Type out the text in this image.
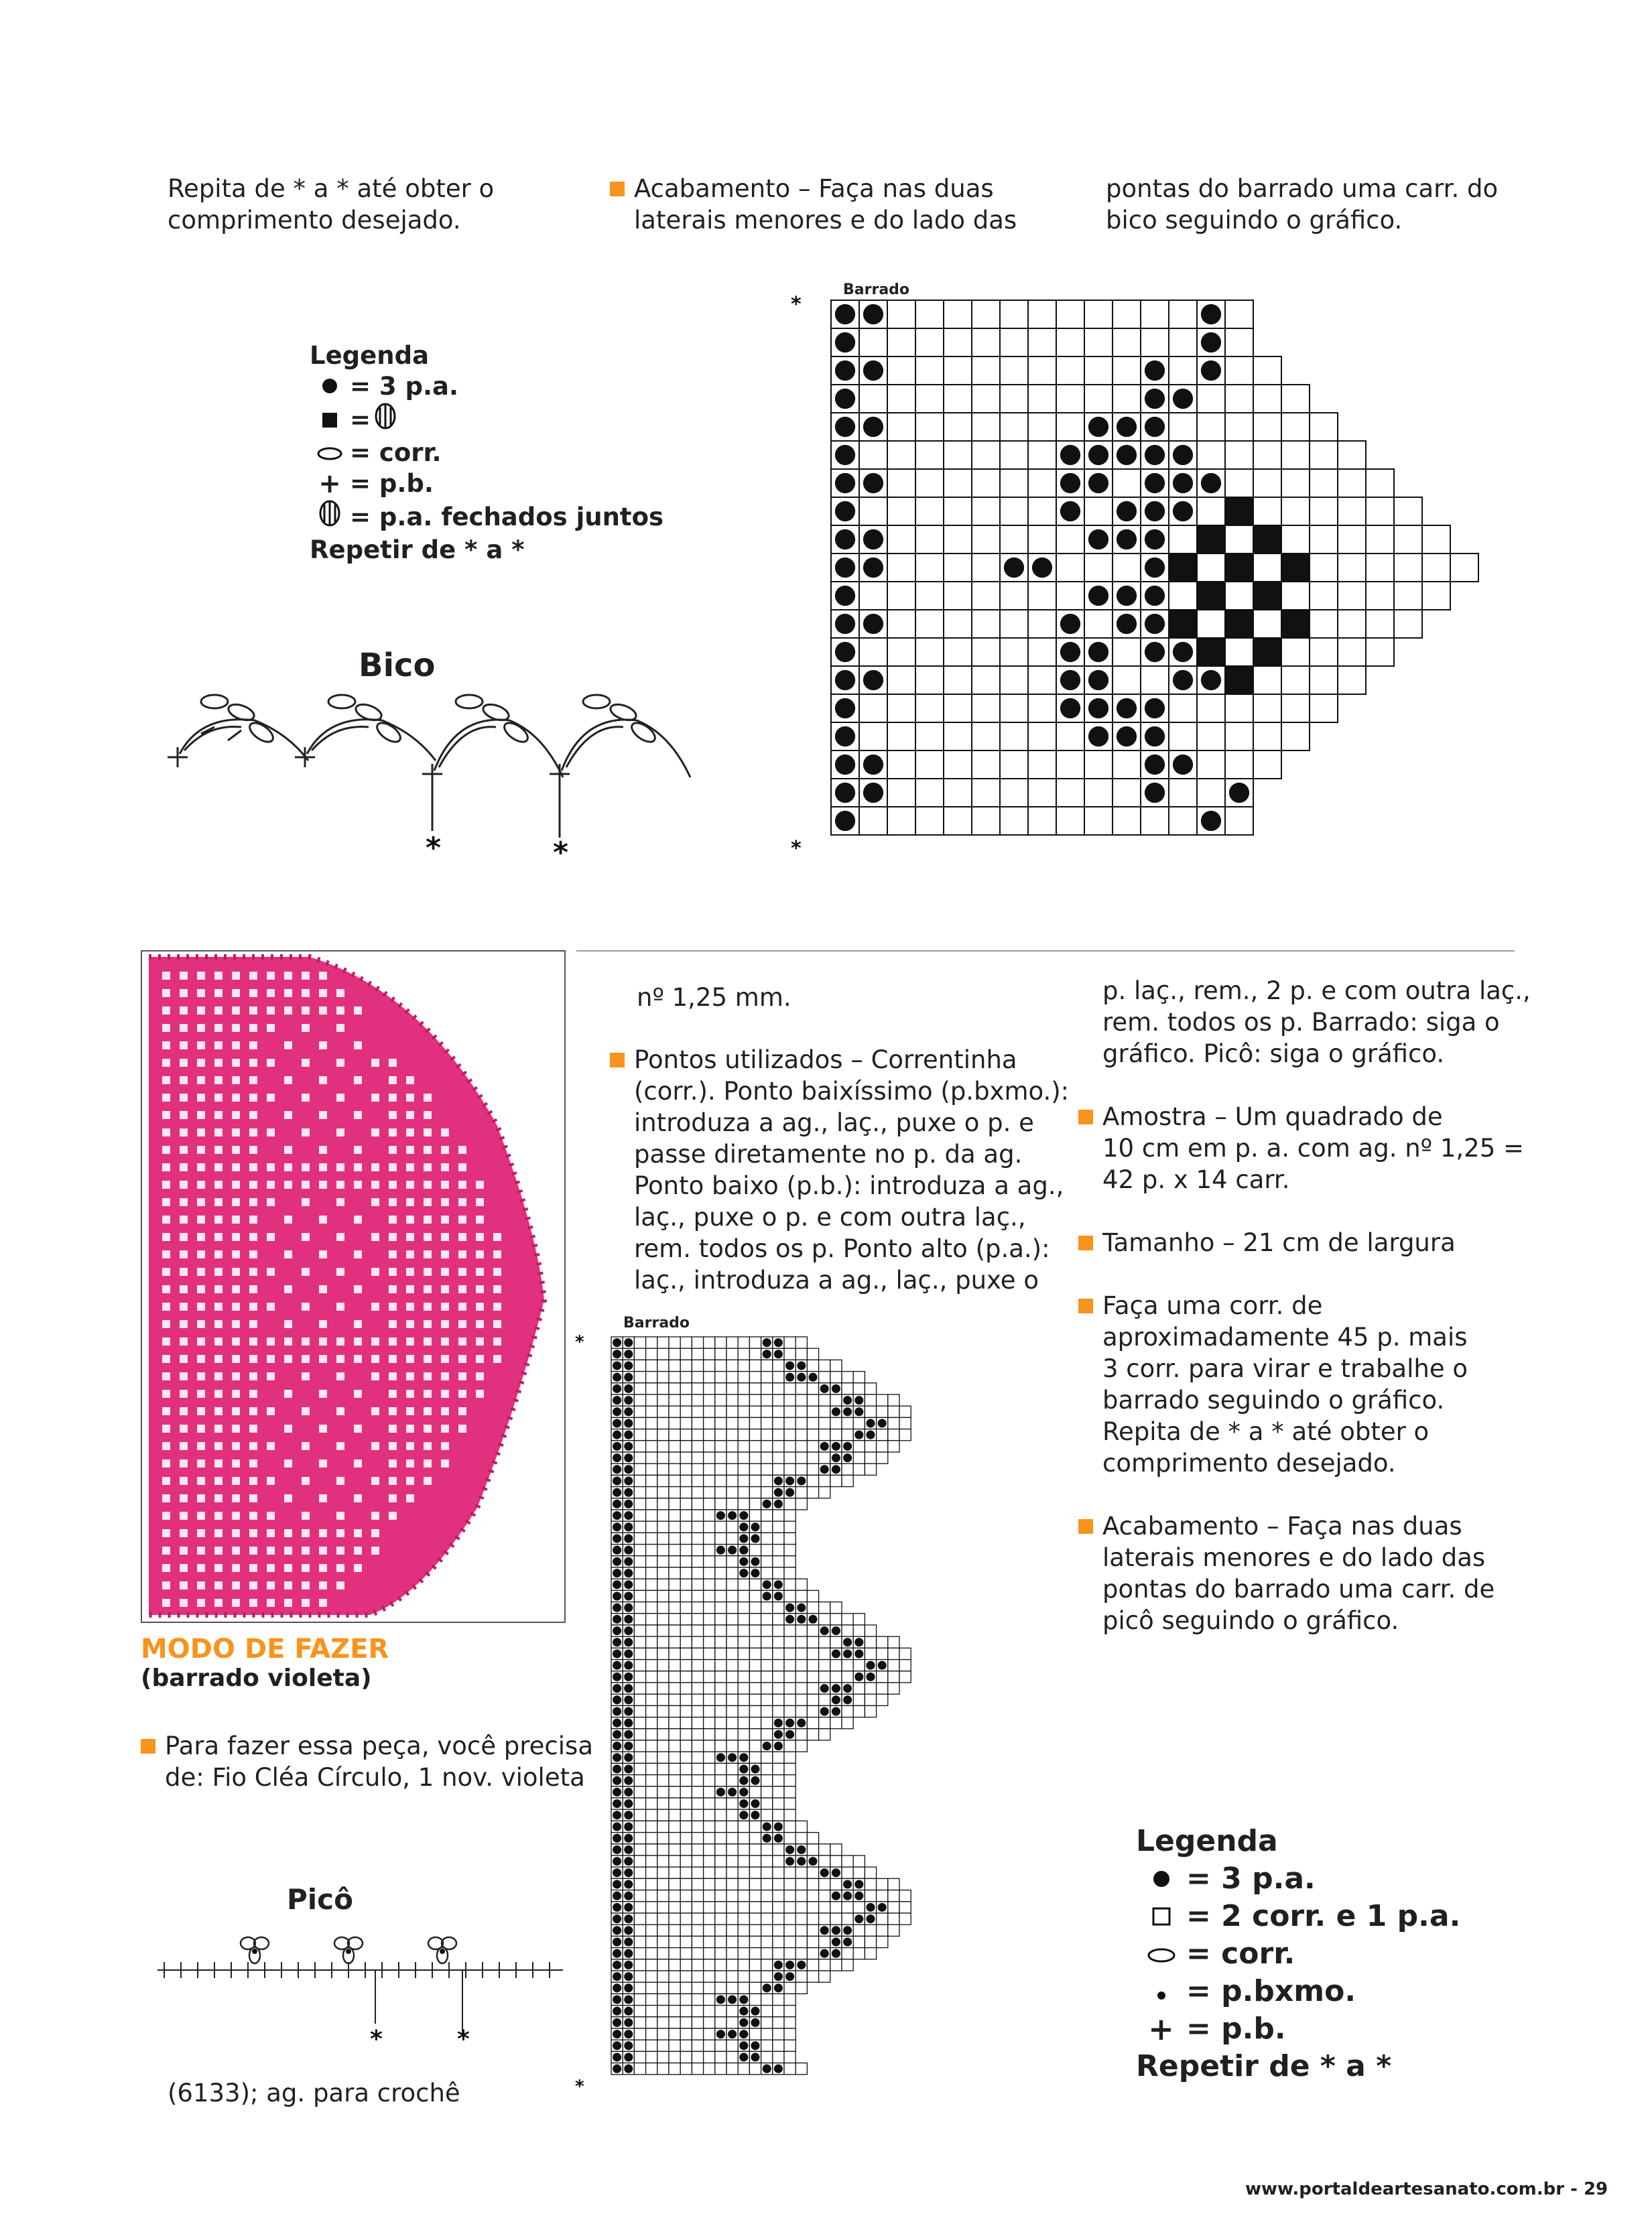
Repita de * a * até obter o
comprimento desejado.
Acabamento – Faça nas duas
laterais menores e do lado das
pontas do barrado uma carr. do
bico seguindo o gráfico.
Legenda
= 3 p.a.
=
= corr.
+ = p.b.
= p.a. fechados juntos
Repetir de * a *
Bico
*	*
Barrado
*
*
MODO DE FAZER
(barrado violeta)
Para fazer essa peça, você precisa
de: Fio Cléa Círculo, 1 nov. violeta
Picô
*	*
(6133); ag. para crochê
nº 1,25 mm.
Pontos utilizados – Correntinha
(corr.). Ponto baixíssimo (p.bxmo.):
introduza a ag., laç., puxe o p. e
passe diretamente no p. da ag.
Ponto baixo (p.b.): introduza a ag.,
laç., puxe o p. e com outra laç.,
rem. todos os p. Ponto alto (p.a.):
laç., introduza a ag., laç., puxe o
Barrado
*
*
p. laç., rem., 2 p. e com outra laç.,
rem. todos os p. Barrado: siga o
gráfico. Picô: siga o gráfico.
Amostra – Um quadrado de
10 cm em p. a. com ag. nº 1,25 =
42 p. x 14 carr.
Tamanho – 21 cm de largura
Faça uma corr. de
aproximadamente 45 p. mais
3 corr. para virar e trabalhe o
barrado seguindo o gráfico.
Repita de * a * até obter o
comprimento desejado.
Acabamento – Faça nas duas
laterais menores e do lado das
pontas do barrado uma carr. de
picô seguindo o gráfico.
Legenda
= 3 p.a.
= 2 corr. e 1 p.a.
= corr.
= p.bxmo.
+ = p.b.
Repetir de * a *
www.portaldeartesanato.com.br - 29
